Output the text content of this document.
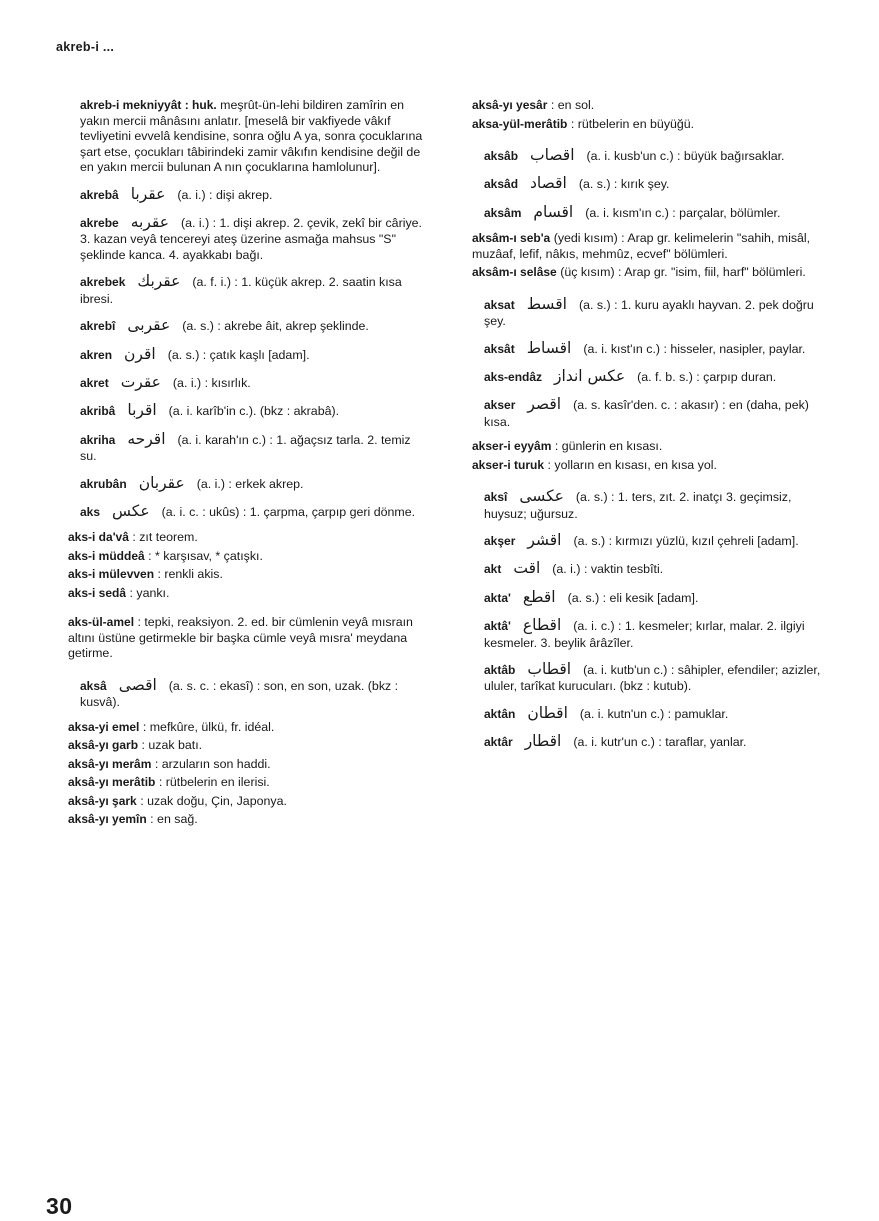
akreb-i ...
akreb-i mekniyyât : huk. meşrût-ün-lehi bildiren zamîrin en yakın mercii mânâsını anlatır. [meselâ bir vakfiyede vâkıf tevliyetini evvelâ kendisine, sonra oğlu A ya, sonra çocuklarına şart etse, çocukları tâbirindeki zamir vâkıfın kendisine değil de en yakın mercii bulunan A nın çocuklarına hamlolunur].
akrebâ عقربا (a. i.) : dişi akrep.
akrebe عقربه (a. i.) : 1. dişi akrep. 2. çevik, zekî bir câriye. 3. kazan veyâ tencereyi ateş üzerine asmağa mahsus "S" şeklinde kanca. 4. ayakkabı bağı.
akrebek عقربك (a. f. i.) : 1. küçük akrep. 2. saatin kısa ibresi.
akrebî عقربى (a. s.) : akrebe âit, akrep şeklinde.
akren اقرن (a. s.) : çatık kaşlı [adam].
akret عقرت (a. i.) : kısırlık.
akribâ اقربا (a. i. karîb'in c.). (bkz : akrabâ).
akriha اقرحه (a. i. karah'ın c.) : 1. ağaçsız tarla. 2. temiz su.
akrubân عقربان (a. i.) : erkek akrep.
aks عكس (a. i. c. : ukûs) : 1. çarpma, çarpıp geri dönme.
aks-i da'vâ : zıt teorem.
aks-i müddeâ : * karşısav, * çatışkı.
aks-i mülevven : renkli akis.
aks-i sedâ : yankı.
aks-ül-amel : tepki, reaksiyon. 2. ed. bir cümlenin veyâ mısraın altını üstüne getirmekle bir başka cümle veyâ mısra' meydana getirme.
aksâ اقصى (a. s. c. : ekasî) : son, en son, uzak. (bkz : kusvâ).
aksa-yi emel : mefkûre, ülkü, fr. idéal.
aksâ-yı garb : uzak batı.
aksâ-yı merâm : arzuların son haddi.
aksâ-yı merâtib : rütbelerin en ilerisi.
aksâ-yı şark : uzak doğu, Çin, Japonya.
aksâ-yı yemîn : en sağ.
aksâ-yı yesâr : en sol.
aksa-yül-merâtib : rütbelerin en büyüğü.
aksâb اقصاب (a. i. kusb'un c.) : büyük bağırsaklar.
aksâd اقصاد (a. s.) : kırık şey.
aksâm اقسام (a. i. kısm'ın c.) : parçalar, bölümler.
aksâm-ı seb'a (yedi kısım) : Arap gr. kelimelerin "sahih, misâl, muzâaf, lefif, nâkıs, mehmûz, ecvef" bölümleri.
aksâm-ı selâse (üç kısım) : Arap gr. "isim, fiil, harf" bölümleri.
aksat اقسط (a. s.) : 1. kuru ayaklı hayvan. 2. pek doğru şey.
aksât اقساط (a. i. kıst'ın c.) : hisseler, nasipler, paylar.
aks-endâz عكس انداز (a. f. b. s.) : çarpıp duran.
akser اقصر (a. s. kasîr'den. c. : akasır) : en (daha, pek) kısa.
akser-i eyyâm : günlerin en kısası.
akser-i turuk : yolların en kısası, en kısa yol.
aksî عكسى (a. s.) : 1. ters, zıt. 2. inatçı 3. geçimsiz, huysuz; uğursuz.
akşer اقشر (a. s.) : kırmızı yüzlü, kızıl çehreli [adam].
akt اقت (a. i.) : vaktin tesbîti.
akta' اقطع (a. s.) : eli kesik [adam].
aktâ' اقطاع (a. i. c.) : 1. kesmeler; kırlar, malar. 2. ilgiyi kesmeler. 3. beylik ârâzîler.
aktâb اقطاب (a. i. kutb'un c.) : sâhipler, efendiler; azizler, ululer, tarîkat kurucuları. (bkz : kutub).
aktân اقطان (a. i. kutn'un c.) : pamuklar.
aktâr اقطار (a. i. kutr'un c.) : taraflar, yanlar.
30
